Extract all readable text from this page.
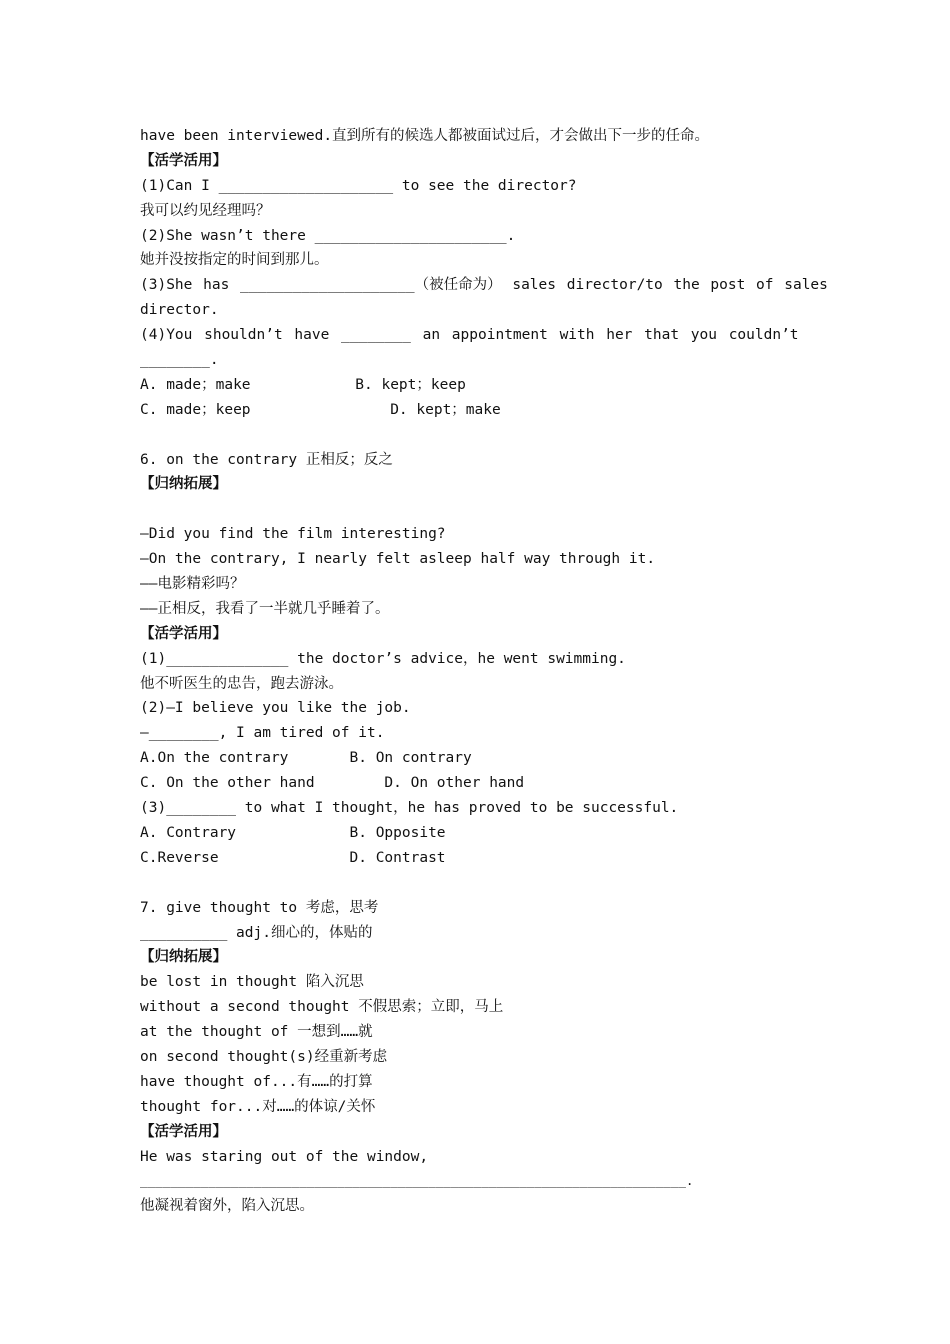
have been interviewed.直到所有的候选人都被面试过后，才会做出下一步的任命。
【活学活用】
(1)Can I ____________________ to see the director?
我可以约见经理吗？
(2)She wasn’t there ______________________.
她并没按指定的时间到那儿。
(3)She has ____________________（被任命为） sales director/to the post of sales
director.
(4)You shouldn’t have ________ an appointment with her that you couldn’t
________.
A. made；make            B. kept；keep
C. made；keep                D. kept；make
6. on the contrary 正相反；反之
【归纳拓展】
—Did you find the film interesting?
—On the contrary, I nearly felt asleep half way through it.
——电影精彩吗？
——正相反，我看了一半就几乎睡着了。
【活学活用】
(1)______________ the doctor’s advice，he went swimming.
他不听医生的忠告，跑去游泳。
(2)—I believe you like the job.
—________, I am tired of it.
A.On the contrary       B. On contrary
C. On the other hand        D. On other hand
(3)________ to what I thought，he has proved to be successful.
A. Contrary             B. Opposite
C.Reverse               D. Contrast
7. give thought to 考虑，思考
__________ adj.细心的，体贴的
【归纳拓展】
be lost in thought 陷入沉思
without a second thought 不假思索；立即，马上
at the thought of 一想到……就
on second thought(s)经重新考虑
have thought of...有……的打算
thought for...对……的体谅/关怀
【活学活用】
He was staring out of the window,
________________________________________________________________________.
他凝视着窗外，陷入沉思。
